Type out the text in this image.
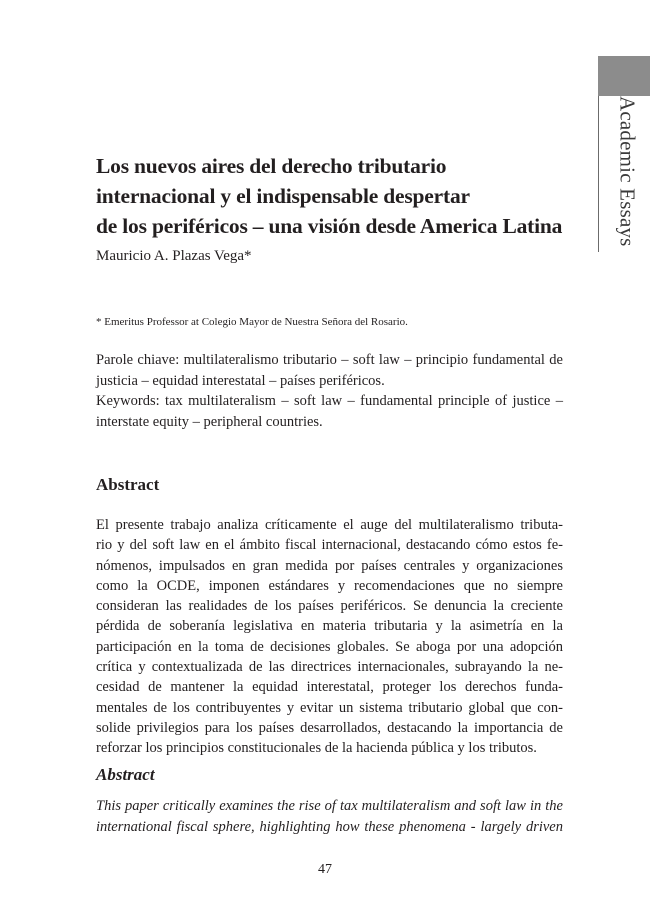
Academic Essays
Los nuevos aires del derecho tributario
internacional y el indispensable despertar
de los periféricos – una visión desde America Latina
Mauricio A. Plazas Vega*
* Emeritus Professor at Colegio Mayor de Nuestra Señora del Rosario.
Parole chiave: multilateralismo tributario – soft law – principio fundamental de justicia – equidad interestatal – países periféricos.
Keywords: tax multilateralism – soft law – fundamental principle of justice – interstate equity – peripheral countries.
Abstract
El presente trabajo analiza críticamente el auge del multilateralismo tributa-
rio y del soft law en el ámbito fiscal internacional, destacando cómo estos fe-
nómenos, impulsados en gran medida por países centrales y organizaciones
como la OCDE, imponen estándares y recomendaciones que no siempre
consideran las realidades de los países periféricos. Se denuncia la creciente
pérdida de soberanía legislativa en materia tributaria y la asimetría en la
participación en la toma de decisiones globales. Se aboga por una adopción
crítica y contextualizada de las directrices internacionales, subrayando la ne-
cesidad de mantener la equidad interestatal, proteger los derechos funda-
mentales de los contribuyentes y evitar un sistema tributario global que con-
solide privilegios para los países desarrollados, destacando la importancia de
reforzar los principios constitucionales de la hacienda pública y los tributos.
Abstract
This paper critically examines the rise of tax multilateralism and soft law in the
international fiscal sphere, highlighting how these phenomena - largely driven
47
